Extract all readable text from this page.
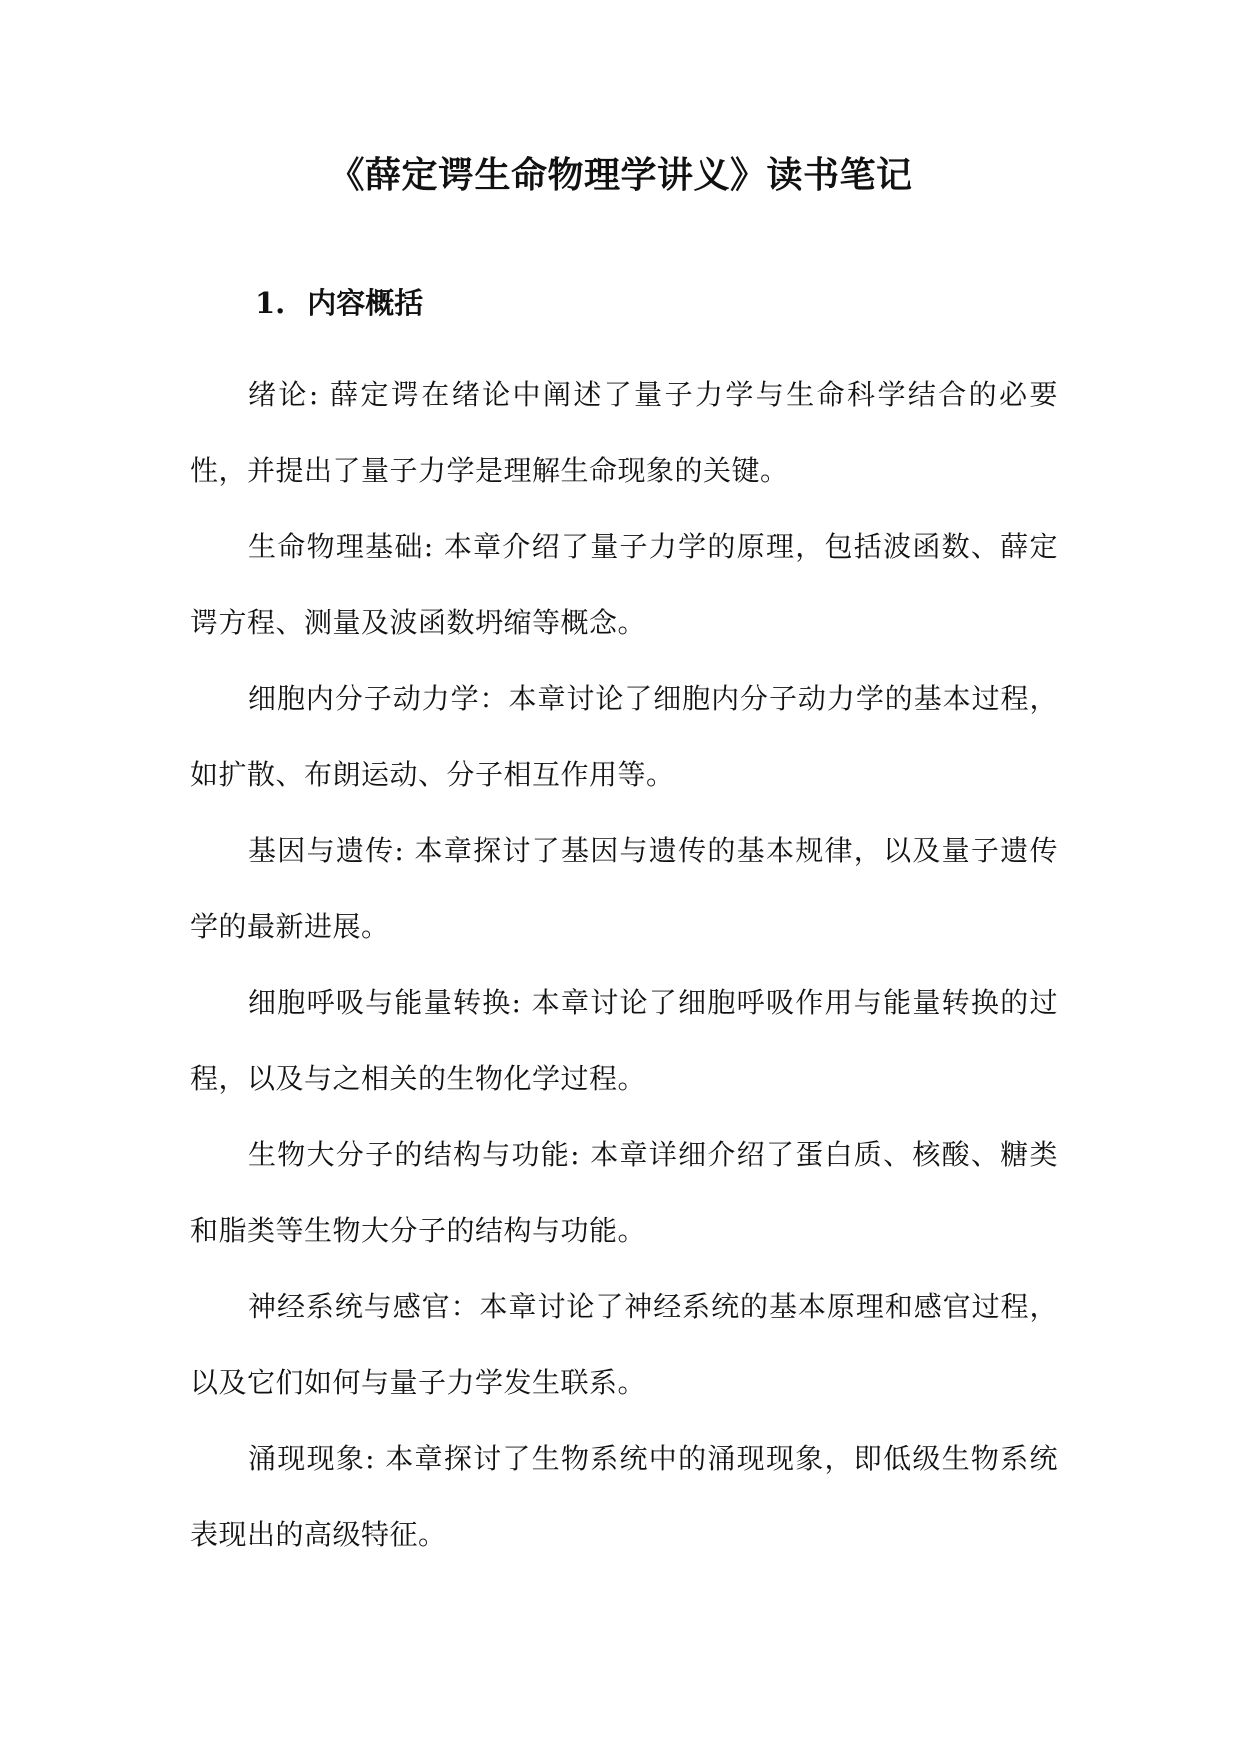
《薛定谔生命物理学讲义》读书笔记
1. 内容概括

绪论: 薛定谔在绪论中阐述了量子力学与生命科学结合的必要性，并提出了量子力学是理解生命现象的关键。

生命物理基础: 本章介绍了量子力学的原理，包括波函数、薛定谔方程、测量及波函数坍缩等概念。

细胞内分子动力学：本章讨论了细胞内分子动力学的基本过程，如扩散、布朗运动、分子相互作用等。

基因与遗传: 本章探讨了基因与遗传的基本规律，以及量子遗传学的最新进展。

细胞呼吸与能量转换: 本章讨论了细胞呼吸作用与能量转换的过程，以及与之相关的生物化学过程。

生物大分子的结构与功能: 本章详细介绍了蛋白质、核酸、糖类和脂类等生物大分子的结构与功能。

神经系统与感官：本章讨论了神经系统的基本原理和感官过程，以及它们如何与量子力学发生联系。

涌现现象: 本章探讨了生物系统中的涌现现象，即低级生物系统表现出的高级特征。
